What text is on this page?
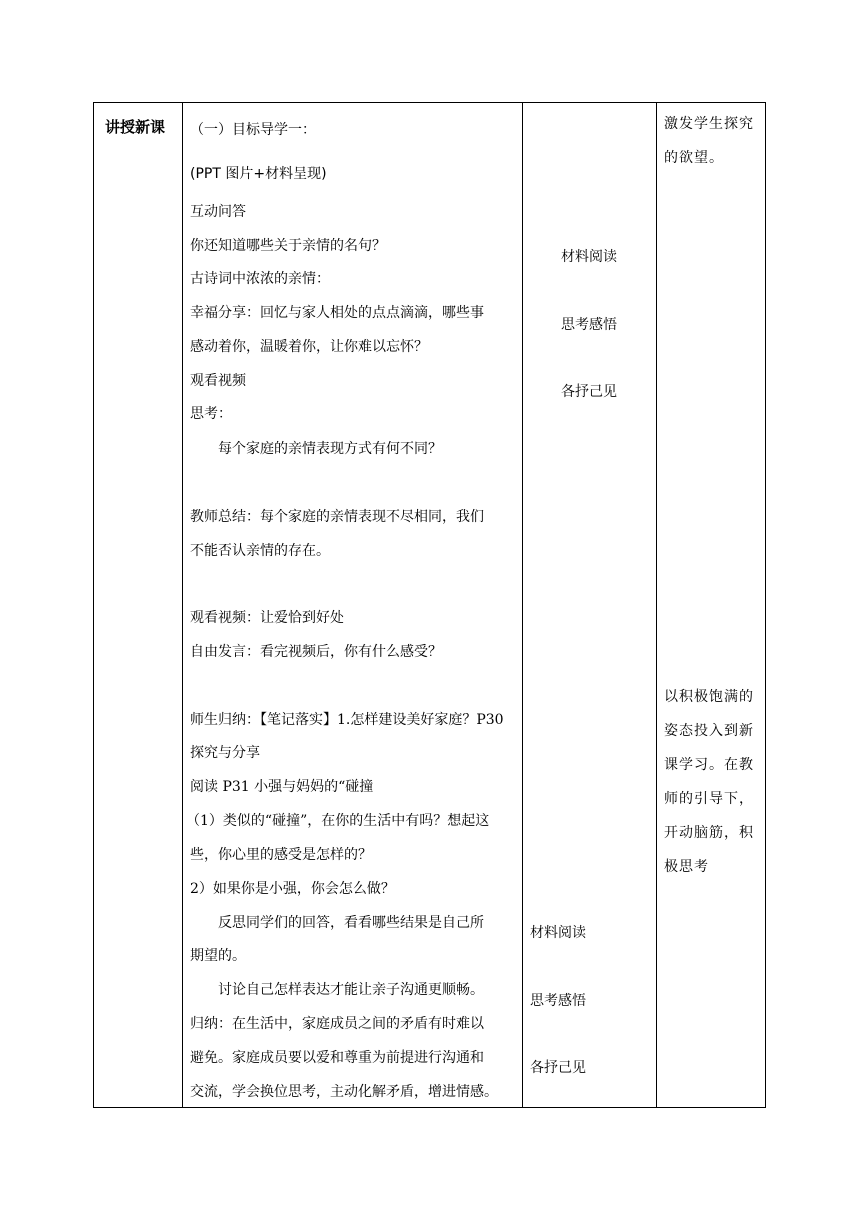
讲授新课 （一）目标导学一：
(PPT 图片+材料呈现)
互动问答
你还知道哪些关于亲情的名句？
古诗词中浓浓的亲情：
幸福分享：回忆与家人相处的点点滴滴，哪些事
感动着你，温暖着你，让你难以忘怀？
观看视频
思考：
每个家庭的亲情表现方式有何不同？
教师总结：每个家庭的亲情表现不尽相同，我们
不能否认亲情的存在。
观看视频：让爱恰到好处
自由发言：看完视频后，你有什么感受？
师生归纳：【笔记落实】1.怎样建设美好家庭？P30
探究与分享
阅读 P31 小强与妈妈的“碰撞
（1）类似的“碰撞”，在你的生活中有吗？想起这
些，你心里的感受是怎样的？
2）如果你是小强，你会怎么做？
反思同学们的回答，看看哪些结果是自己所
期望的。
讨论自己怎样表达才能让亲子沟通更顺畅。
归纳：在生活中，家庭成员之间的矛盾有时难以
避免。家庭成员要以爱和尊重为前提进行沟通和
交流，学会换位思考，主动化解矛盾，增进情感。
材料阅读
思考感悟
各抒己见
材料阅读
思考感悟
各抒己见
激发学生探究
的欲望。
以积极饱满的
姿态投入到新
课学习。在教
师的引导下，
开动脑筋，积
极思考
